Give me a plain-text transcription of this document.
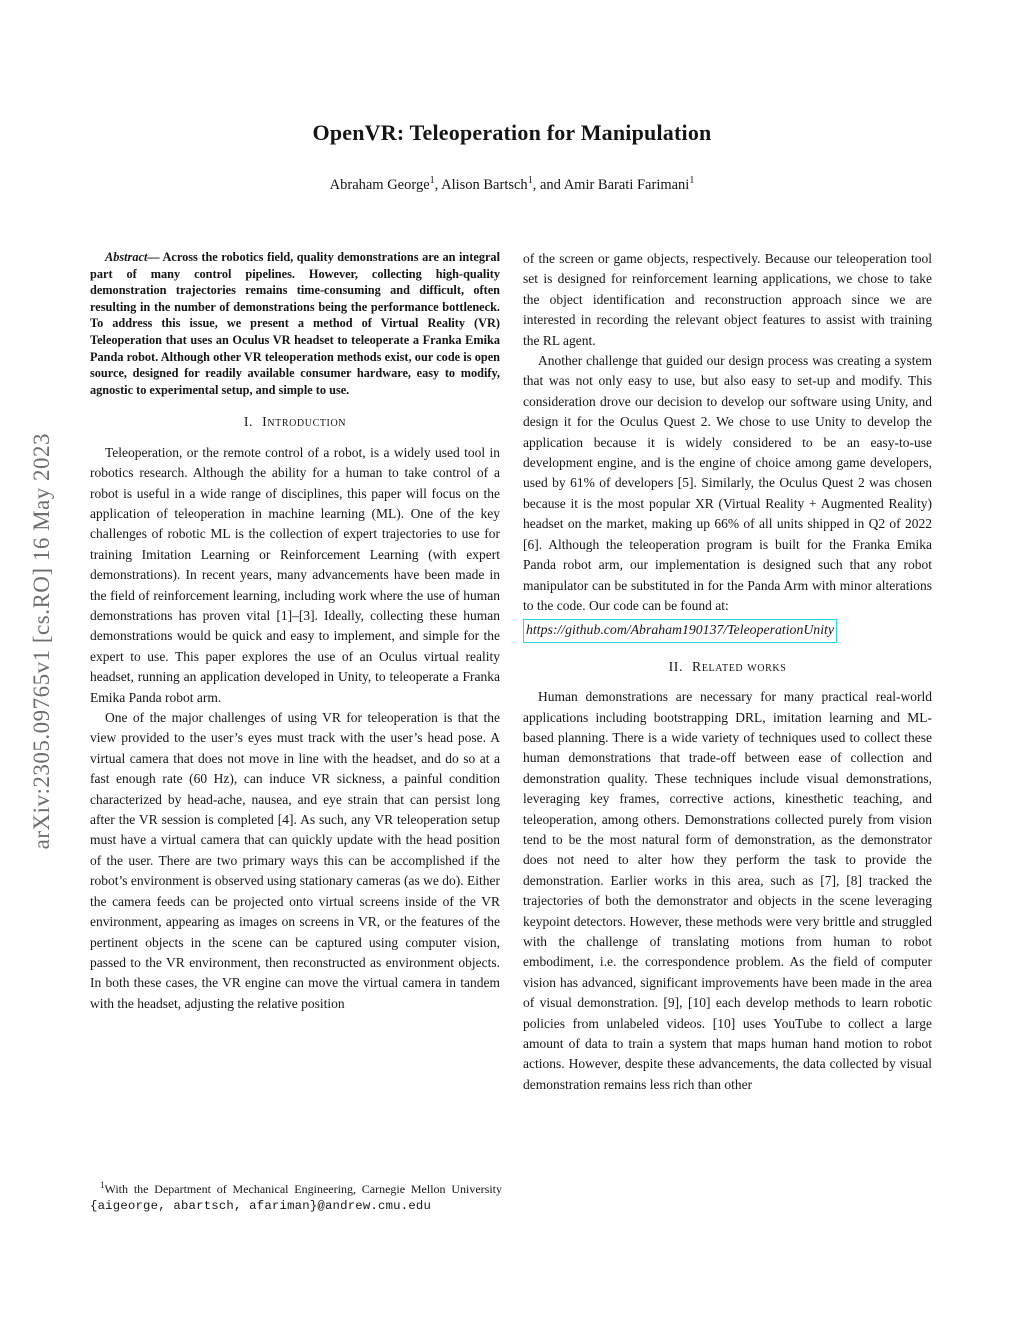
arXiv:2305.09765v1 [cs.RO] 16 May 2023
OpenVR: Teleoperation for Manipulation
Abraham George$^1$, Alison Bartsch$^1$, and Amir Barati Farimani$^1$

Abstract— Across the robotics field, quality demonstrations are an integral part of many control pipelines. However, collecting high-quality demonstration trajectories remains time-consuming and difficult, often resulting in the number of demonstrations being the performance bottleneck. To address this issue, we present a method of Virtual Reality (VR) Teleoperation that uses an Oculus VR headset to teleoperate a Franka Emika Panda robot. Although other VR teleoperation methods exist, our code is open source, designed for readily available consumer hardware, easy to modify, agnostic to experimental setup, and simple to use.

I. Introduction

Teleoperation, or the remote control of a robot, is a widely used tool in robotics research. Although the ability for a human to take control of a robot is useful in a wide range of disciplines, this paper will focus on the application of teleoperation in machine learning (ML). One of the key challenges of robotic ML is the collection of expert trajectories to use for training Imitation Learning or Reinforcement Learning (with expert demonstrations). In recent years, many advancements have been made in the field of reinforcement learning, including work where the use of human demonstrations has proven vital [1]–[3]. Ideally, collecting these human demonstrations would be quick and easy to implement, and simple for the expert to use. This paper explores the use of an Oculus virtual reality headset, running an application developed in Unity, to teleoperate a Franka Emika Panda robot arm.

One of the major challenges of using VR for teleoperation is that the view provided to the user’s eyes must track with the user’s head pose. A virtual camera that does not move in line with the headset, and do so at a fast enough rate (60 Hz), can induce VR sickness, a painful condition characterized by head-ache, nausea, and eye strain that can persist long after the VR session is completed [4]. As such, any VR teleoperation setup must have a virtual camera that can quickly update with the head position of the user. There are two primary ways this can be accomplished if the robot’s environment is observed using stationary cameras (as we do). Either the camera feeds can be projected onto virtual screens inside of the VR environment, appearing as images on screens in VR, or the features of the pertinent objects in the scene can be captured using computer vision, passed to the VR environment, then reconstructed as environment objects. In both these cases, the VR engine can move the virtual camera in tandem with the headset, adjusting the relative position

of the screen or game objects, respectively. Because our teleoperation tool set is designed for reinforcement learning applications, we chose to take the object identification and reconstruction approach since we are interested in recording the relevant object features to assist with training the RL agent.

Another challenge that guided our design process was creating a system that was not only easy to use, but also easy to set-up and modify. This consideration drove our decision to develop our software using Unity, and design it for the Oculus Quest 2. We chose to use Unity to develop the application because it is widely considered to be an easy-to-use development engine, and is the engine of choice among game developers, used by 61% of developers [5]. Similarly, the Oculus Quest 2 was chosen because it is the most popular XR (Virtual Reality + Augmented Reality) headset on the market, making up 66% of all units shipped in Q2 of 2022 [6]. Although the teleoperation program is built for the Franka Emika Panda robot arm, our implementation is designed such that any robot manipulator can be substituted in for the Panda Arm with minor alterations to the code. Our code can be found at:

https://github.com/Abraham190137/TeleoperationUnity
II. Related works

Human demonstrations are necessary for many practical real-world applications including bootstrapping DRL, imitation learning and ML-based planning. There is a wide variety of techniques used to collect these human demonstrations that trade-off between ease of collection and demonstration quality. These techniques include visual demonstrations, leveraging key frames, corrective actions, kinesthetic teaching, and teleoperation, among others. Demonstrations collected purely from vision tend to be the most natural form of demonstration, as the demonstrator does not need to alter how they perform the task to provide the demonstration. Earlier works in this area, such as [7], [8] tracked the trajectories of both the demonstrator and objects in the scene leveraging keypoint detectors. However, these methods were very brittle and struggled with the challenge of translating motions from human to robot embodiment, i.e. the correspondence problem. As the field of computer vision has advanced, significant improvements have been made in the area of visual demonstration. [9], [10] each develop methods to learn robotic policies from unlabeled videos. [10] uses YouTube to collect a large amount of data to train a system that maps human hand motion to robot actions. However, despite these advancements, the data collected by visual demonstration remains less rich than other

$^1$With the Department of Mechanical Engineering, Carnegie Mellon University {aigeorge, abartsch, afariman}@andrew.cmu.edu
